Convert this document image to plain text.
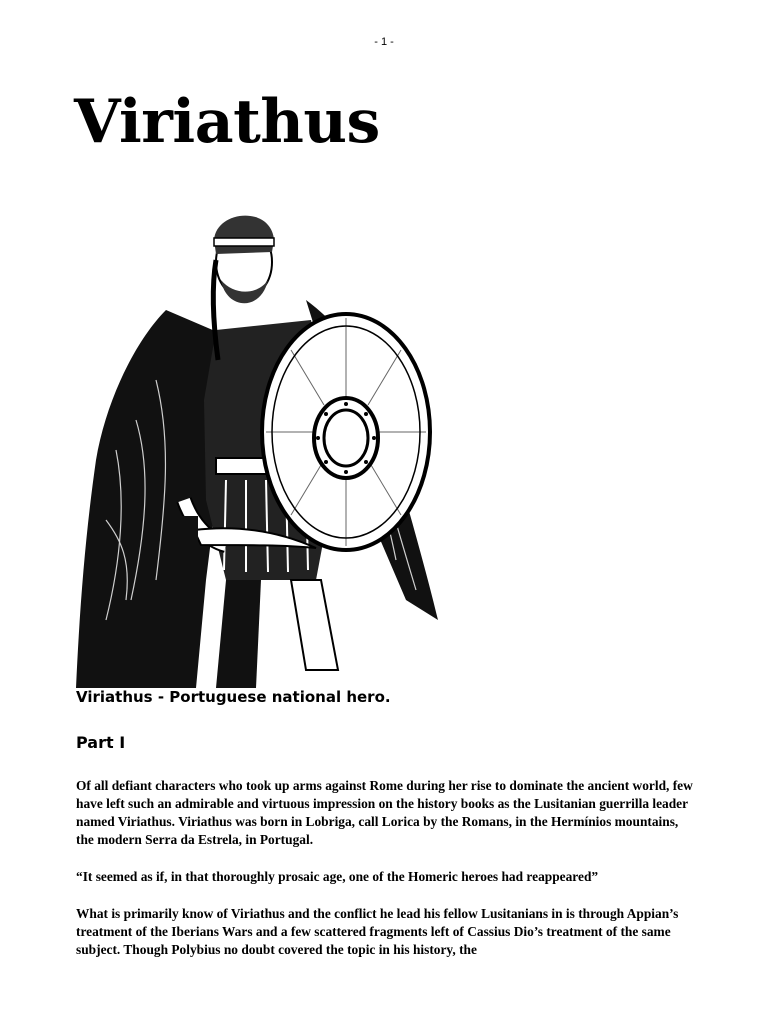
- 1 -
Viriathus

Viriathus - Portuguese national hero.

Part I

Of all defiant characters who took up arms against Rome during her rise to dominate the ancient world, few have left such an admirable and virtuous impression on the history books as the Lusitanian guerrilla leader named Viriathus. Viriathus was born in Lobriga, call Lorica by the Romans, in the Hermínios mountains, the modern Serra da Estrela, in Portugal.

“It seemed as if, in that thoroughly prosaic age, one of the Homeric heroes had reappeared”

What is primarily know of Viriathus and the conflict he lead his fellow Lusitanians in is through Appian’s treatment of the Iberians Wars and a few scattered fragments left of Cassius Dio’s treatment of the same subject. Though Polybius no doubt covered the topic in his history, the
